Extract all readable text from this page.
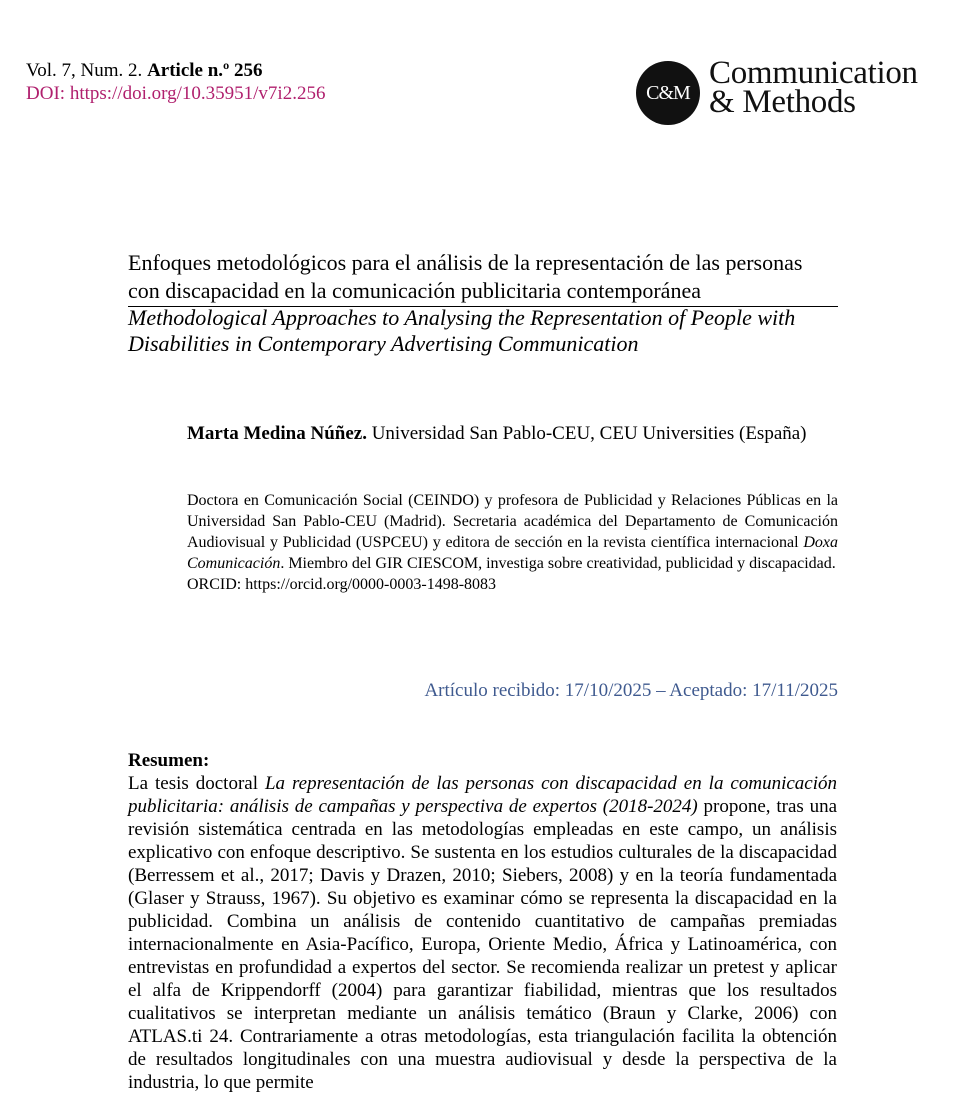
Vol. 7, Num. 2. Article n.º 256
DOI: https://doi.org/10.35951/v7i2.256	C&M
Communication
& Methods
Enfoques metodológicos para el análisis de la representación de las personas con discapacidad en la comunicación publicitaria contemporánea
Methodological Approaches to Analysing the Representation of People with Disabilities in Contemporary Advertising Communication
Marta Medina Núñez. Universidad San Pablo-CEU, CEU Universities (España)
Doctora en Comunicación Social (CEINDO) y profesora de Publicidad y Relaciones Públicas en la Universidad San Pablo-CEU (Madrid). Secretaria académica del Departamento de Comunicación Audiovisual y Publicidad (USPCEU) y editora de sección en la revista científica internacional Doxa Comunicación. Miembro del GIR CIESCOM, investiga sobre creatividad, publicidad y discapacidad.
ORCID: https://orcid.org/0000-0003-1498-8083
Artículo recibido: 17/10/2025 – Aceptado: 17/11/2025
Resumen:
La tesis doctoral La representación de las personas con discapacidad en la comunicación publicitaria: análisis de campañas y perspectiva de expertos (2018-2024) propone, tras una revisión sistemática centrada en las metodologías empleadas en este campo, un análisis explicativo con enfoque descriptivo. Se sustenta en los estudios culturales de la discapacidad (Berressem et al., 2017; Davis y Drazen, 2010; Siebers, 2008) y en la teoría fundamentada (Glaser y Strauss, 1967). Su objetivo es examinar cómo se representa la discapacidad en la publicidad. Combina un análisis de contenido cuantitativo de campañas premiadas internacionalmente en Asia-Pacífico, Europa, Oriente Medio, África y Latinoamérica, con entrevistas en profundidad a expertos del sector. Se recomienda realizar un pretest y aplicar el alfa de Krippendorff (2004) para garantizar fiabilidad, mientras que los resultados cualitativos se interpretan mediante un análisis temático (Braun y Clarke, 2006) con ATLAS.ti 24. Contrariamente a otras metodologías, esta triangulación facilita la obtención de resultados longitudinales con una muestra audiovisual y desde la perspectiva de la industria, lo que permite
